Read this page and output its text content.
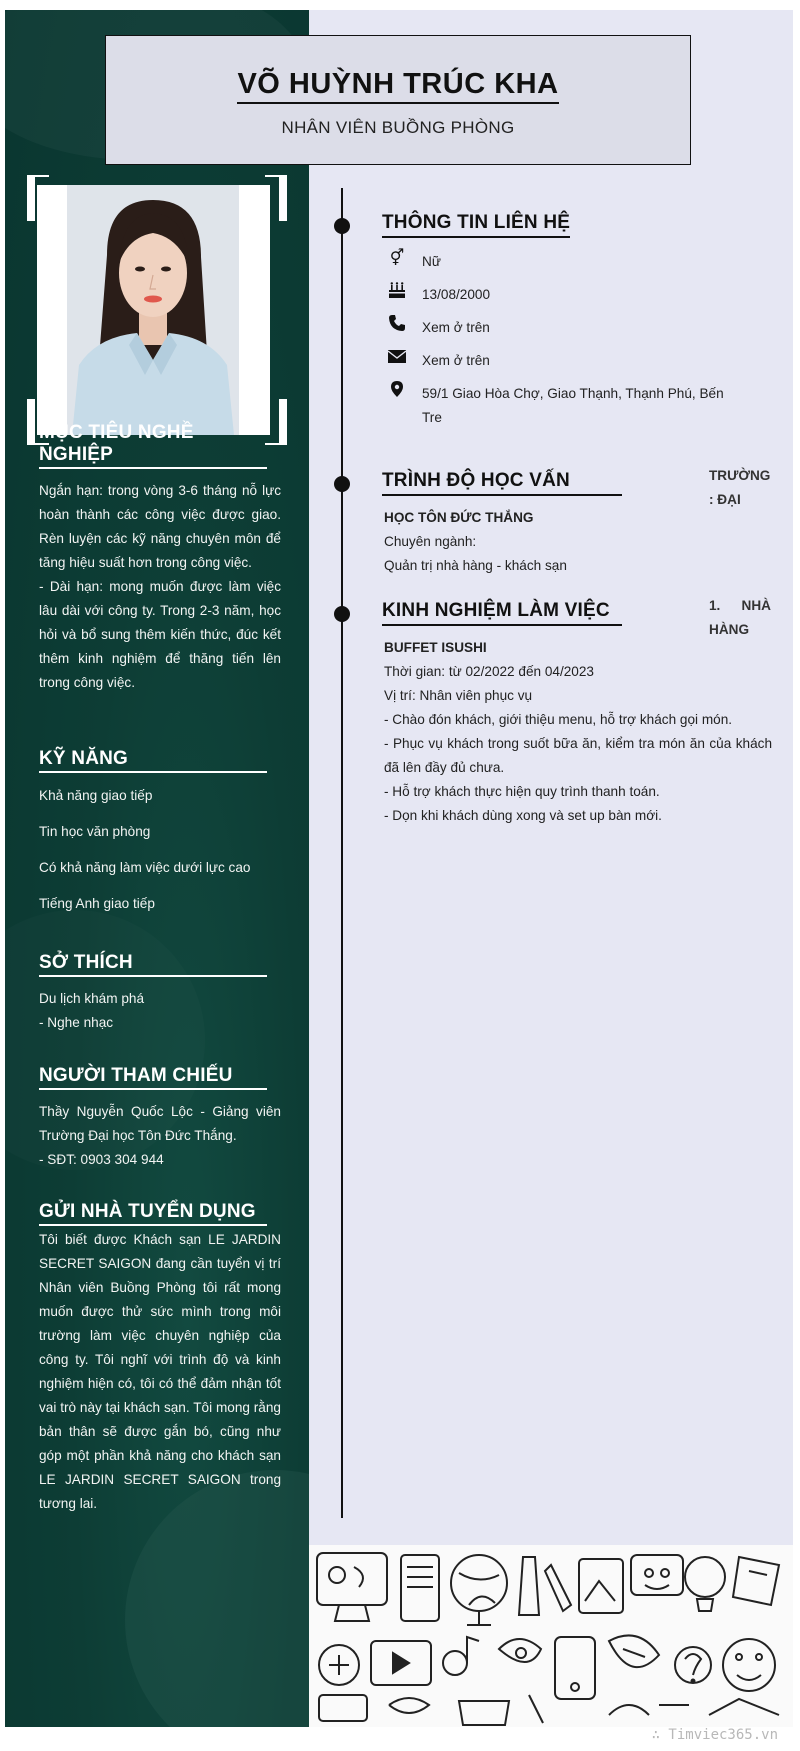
MỤC TIÊU NGHỀ NGHIỆP
Ngắn hạn: trong vòng 3-6 tháng nỗ lực hoàn thành các công việc được giao. Rèn luyện các kỹ năng chuyên môn để tăng hiệu suất hơn trong công việc.
- Dài hạn: mong muốn được làm việc lâu dài với công ty. Trong 2-3 năm, học hỏi và bổ sung thêm kiến thức, đúc kết thêm kinh nghiệm để thăng tiến lên trong công việc.
KỸ NĂNG
Khả năng giao tiếp
Tin học văn phòng
Có khả năng làm việc dưới lực cao
Tiếng Anh giao tiếp
SỞ THÍCH
Du lịch khám phá
- Nghe nhạc
NGƯỜI THAM CHIẾU
Thầy Nguyễn Quốc Lộc - Giảng viên Trường Đại học Tôn Đức Thắng.
- SĐT: 0903 304 944
GỬI NHÀ TUYỂN DỤNG
Tôi biết được Khách sạn LE JARDIN SECRET SAIGON đang cần tuyển vị trí Nhân viên Buồng Phòng tôi rất mong muốn được thử sức mình trong môi trường làm việc chuyên nghiệp của công ty. Tôi nghĩ với trình độ và kinh nghiệm hiện có, tôi có thể đảm nhận tốt vai trò này tại khách sạn. Tôi mong rằng bản thân sẽ được gắn bó, cũng như góp một phần khả năng cho khách sạn LE JARDIN SECRET SAIGON trong tương lai.
VÕ HUỲNH TRÚC KHA
NHÂN VIÊN BUỒNG PHÒNG
THÔNG TIN LIÊN HỆ
⚥ Nữ
13/08/2000
Xem ở trên
Xem ở trên
59/1 Giao Hòa Chợ, Giao Thạnh, Thạnh Phú, Bến Tre
TRÌNH ĐỘ HỌC VẤN
HỌC TÔN ĐỨC THẮNG
Chuyên ngành:
Quản trị nhà hàng - khách sạn
TRƯỜNG : ĐẠI
KINH NGHIỆM LÀM VIỆC
BUFFET ISUSHI
Thời gian: từ 02/2022 đến 04/2023
Vị trí: Nhân viên phục vụ
- Chào đón khách, giới thiệu menu, hỗ trợ khách gọi món.
- Phục vụ khách trong suốt bữa ăn, kiểm tra món ăn của khách đã lên đầy đủ chưa.
- Hỗ trợ khách thực hiện quy trình thanh toán.
- Dọn khi khách dùng xong và set up bàn mới.
1. NHÀ HÀNG
∴ Timviec365.vn
